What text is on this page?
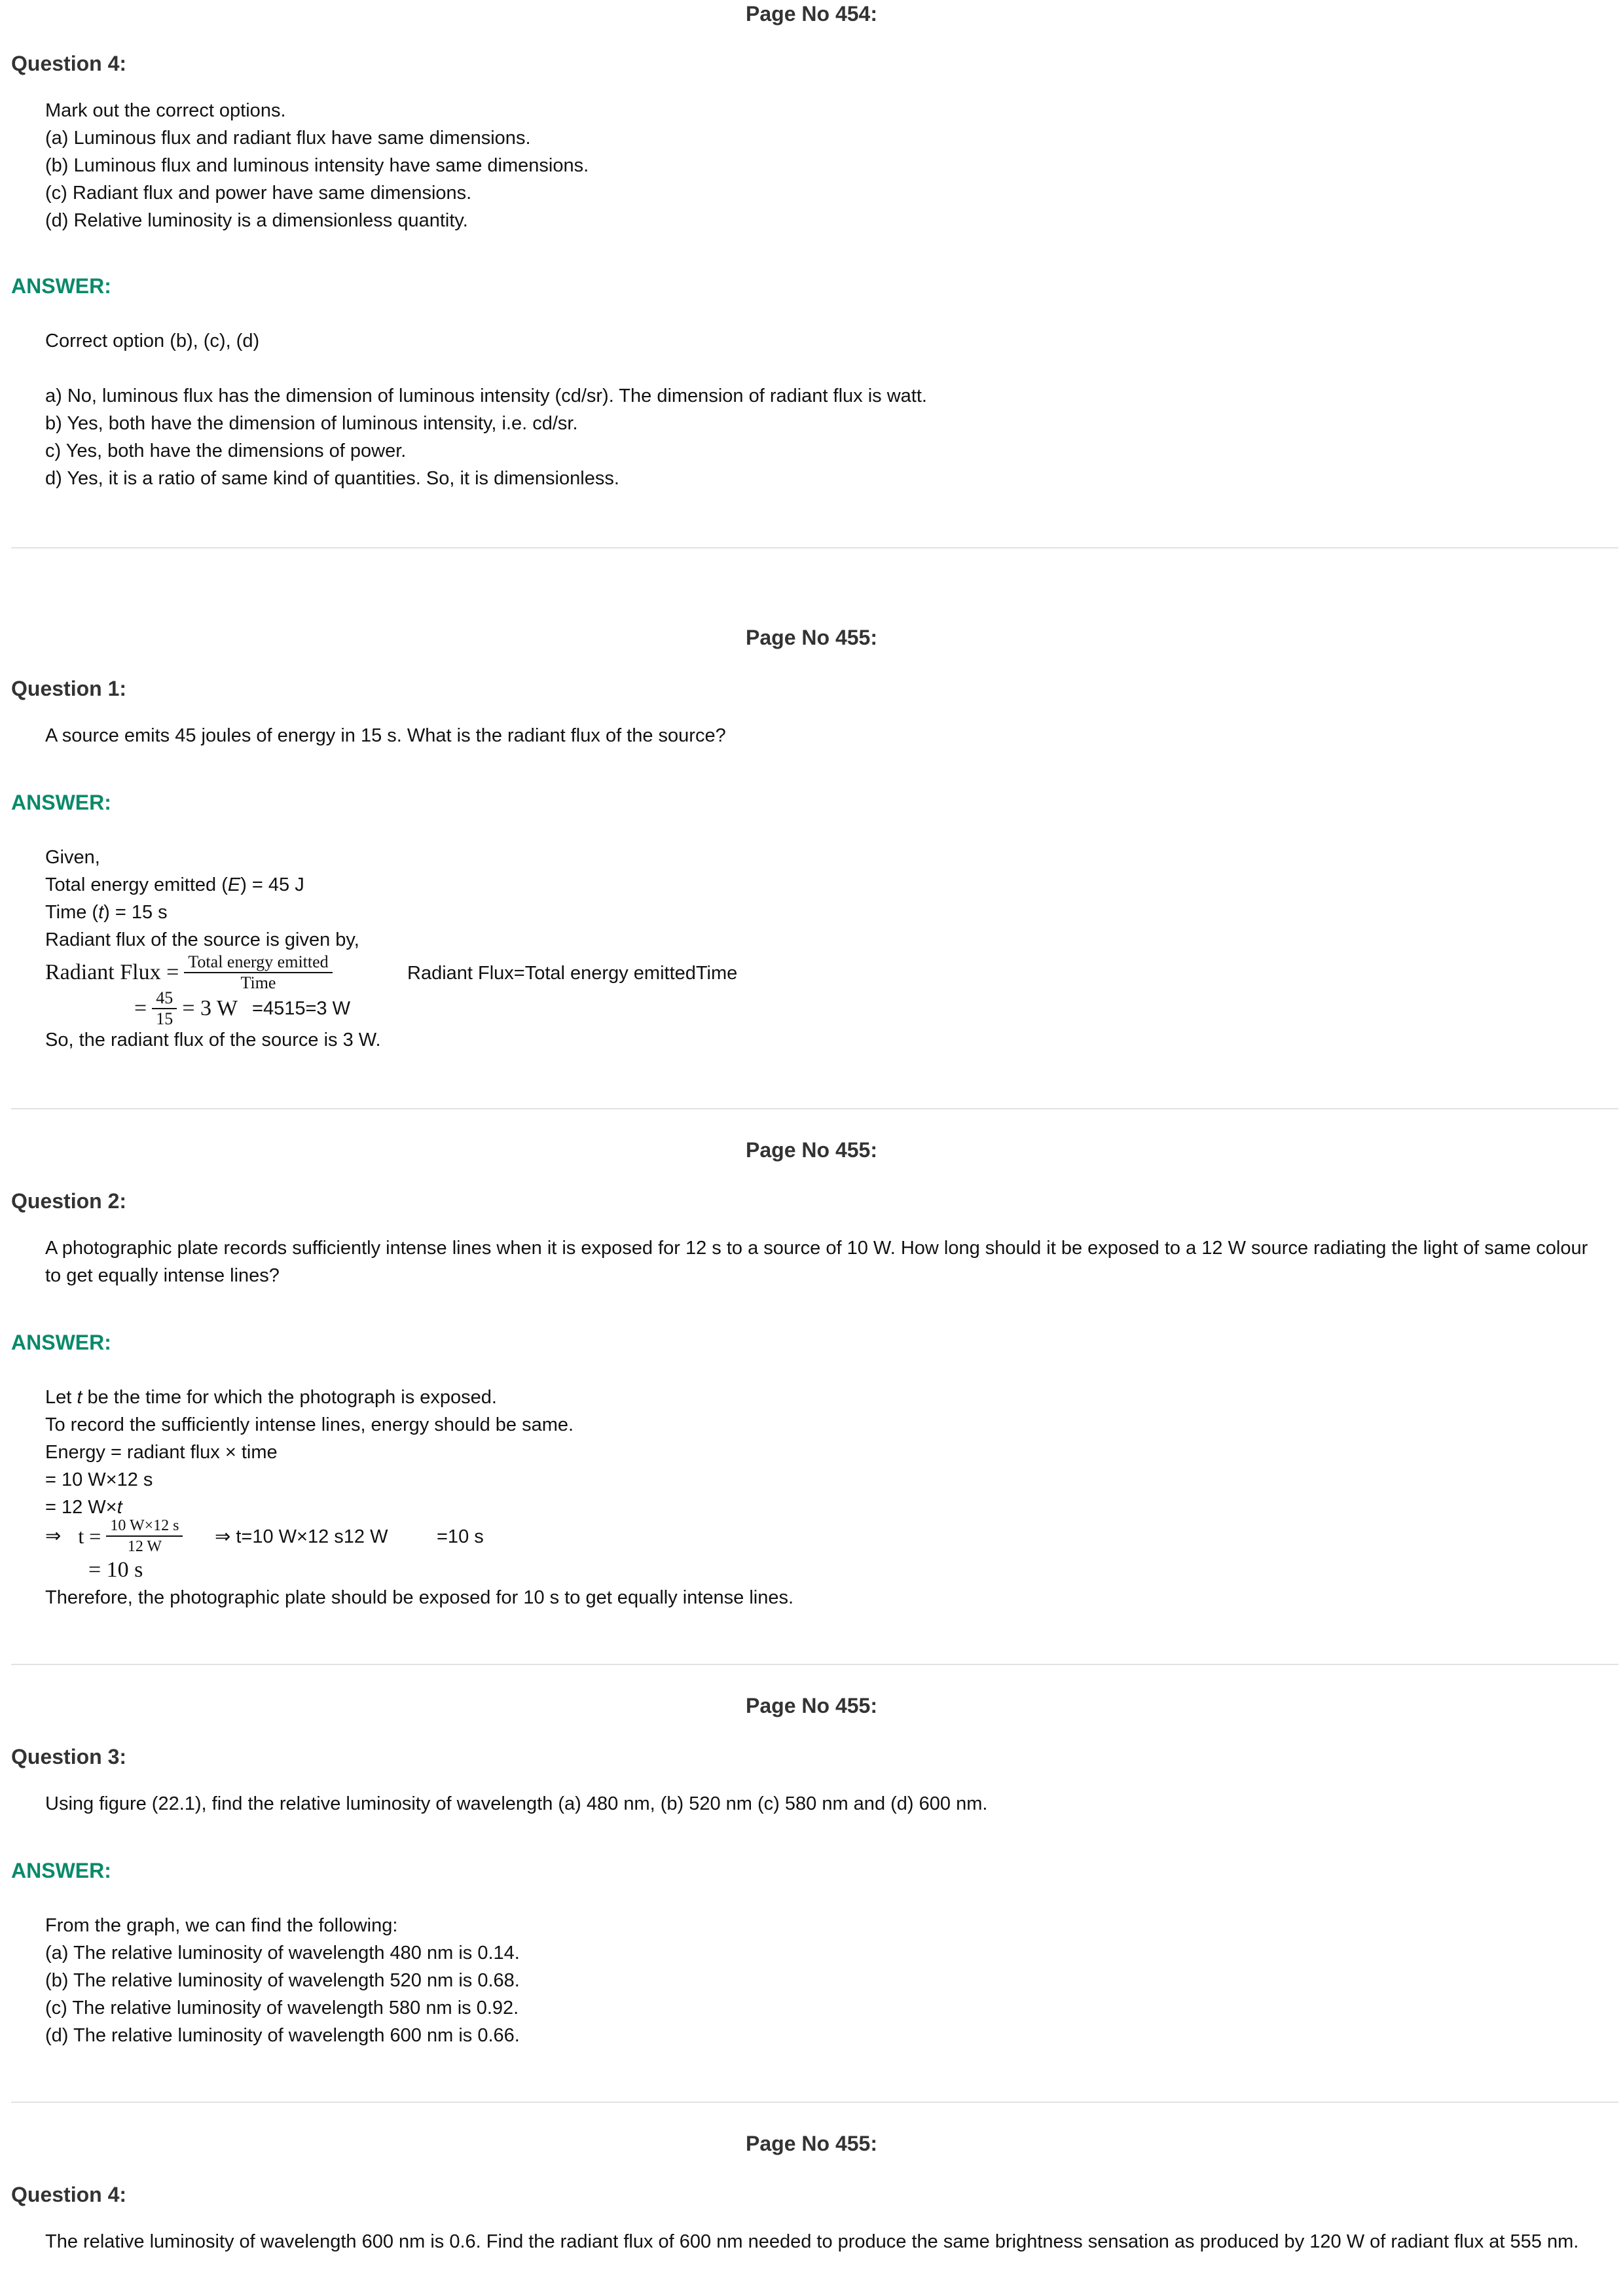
Page No 454:
Question 4:
Mark out the correct options.
(a) Luminous flux and radiant flux have same dimensions.
(b) Luminous flux and luminous intensity have same dimensions.
(c) Radiant flux and power have same dimensions.
(d) Relative luminosity is a dimensionless quantity.
ANSWER:
Correct option (b), (c), (d)
a) No, luminous flux has the dimension of luminous intensity (cd/sr). The dimension of radiant flux is watt.
b) Yes, both have the dimension of luminous intensity, i.e. cd/sr.
c) Yes, both have the dimensions of power.
d) Yes, it is a ratio of same kind of quantities. So, it is dimensionless.
Page No 455:
Question 1:
A source emits 45 joules of energy in 15 s. What is the radiant flux of the source?
ANSWER:
Given,
Total energy emitted (E) = 45 J
Time (t) = 15 s
Radiant flux of the source is given by,
Radiant Flux = $\frac{\text{Total energy emitted}}{\text{Time}}$	Radiant Flux=Total energy emittedTime
= $\frac{45}{15} = 3$ W =4515=3 W
So, the radiant flux of the source is 3 W.
Page No 455:
Question 2:
A photographic plate records sufficiently intense lines when it is exposed for 12 s to a source of 10 W. How long should it be exposed to a 12 W source radiating the light of same colour to get equally intense lines?
ANSWER:
Let t be the time for which the photograph is exposed.
To record the sufficiently intense lines, energy should be same.
Energy = radiant flux × time
= 10 W×12 s
= 12 W×t
⇒ $t = \frac{10 W\times 12 s}{12 W}$ ⇒ t=10 W×12 s12 W	=10 s
= 10 s
Therefore, the photographic plate should be exposed for 10 s to get equally intense lines.
Page No 455:
Question 3:
Using figure (22.1), find the relative luminosity of wavelength (a) 480 nm, (b) 520 nm (c) 580 nm and (d) 600 nm.
ANSWER:
From the graph, we can find the following:
(a) The relative luminosity of wavelength 480 nm is 0.14.
(b) The relative luminosity of wavelength 520 nm is 0.68.
(c) The relative luminosity of wavelength 580 nm is 0.92.
(d) The relative luminosity of wavelength 600 nm is 0.66.
Page No 455:
Question 4:
The relative luminosity of wavelength 600 nm is 0.6. Find the radiant flux of 600 nm needed to produce the same brightness sensation as produced by 120 W of radiant flux at 555 nm.
